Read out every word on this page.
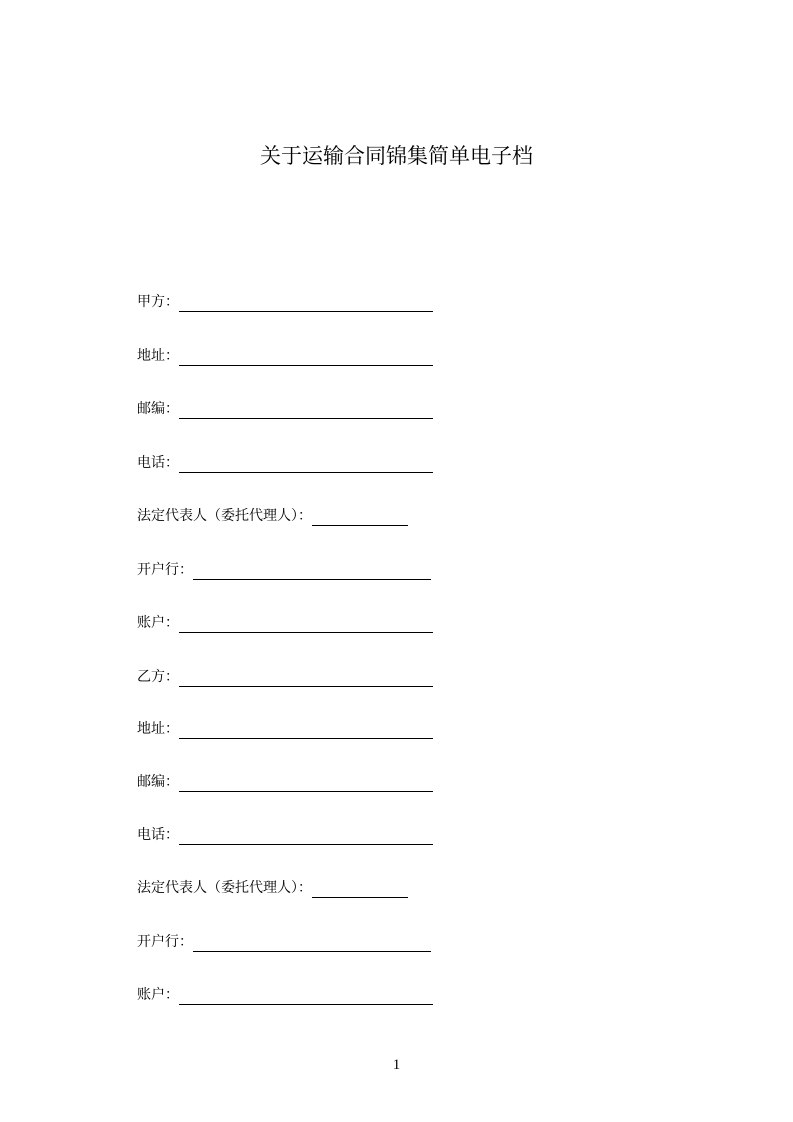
关于运输合同锦集简单电子档
甲方：
地址：
邮编：
电话：
法定代表人（委托代理人）：
开户行：
账户：
乙方：
地址：
邮编：
电话：
法定代表人（委托代理人）：
开户行：
账户：
1
